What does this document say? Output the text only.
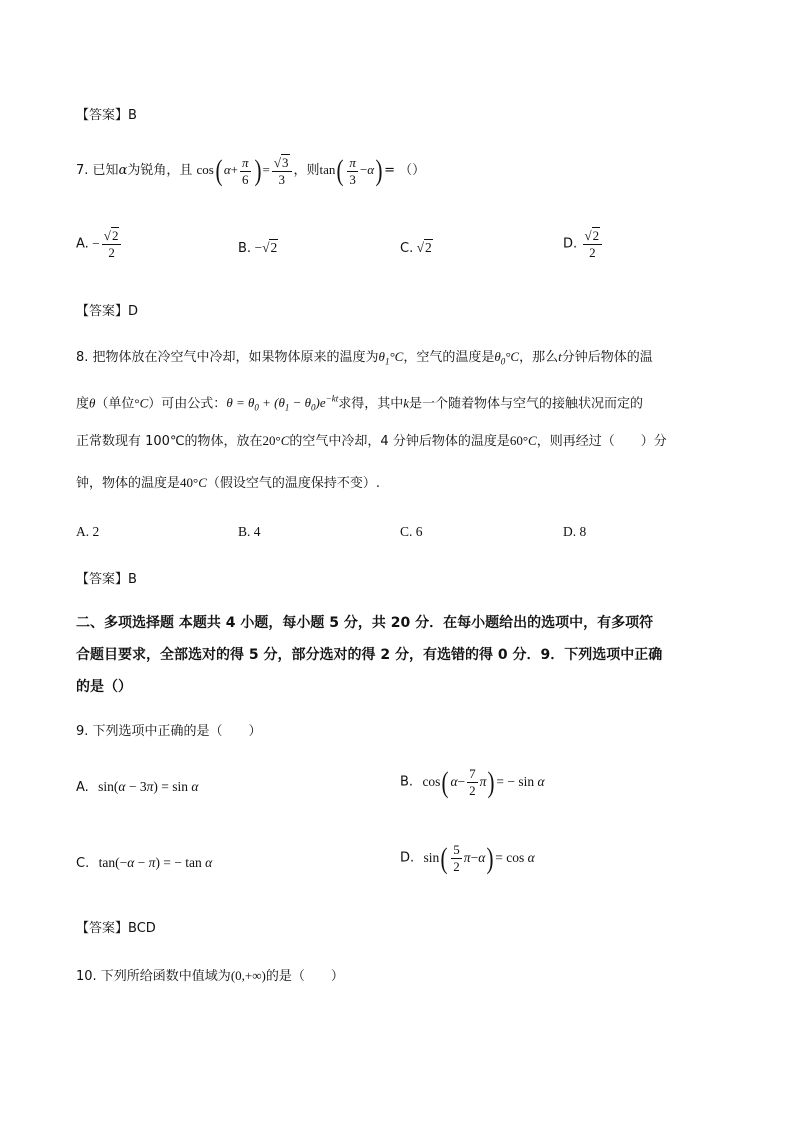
【答案】B
7. 已知α为锐角，且 cos( $\alpha+ \frac{\pi}{6}$ ) = $\frac{√3}{3}$ ，则$\tan( \frac{\pi}{3} -\alpha)$ = （）
A. − $\frac{√2}{2}$	B. −√2	C. √2	D. $\frac{√2}{2}$
【答案】D
8. 把物体放在冷空气中冷却，如果物体原来的温度为$\theta_1^\circ C$，空气的温度是$\theta_0^\circ C$，那么t分钟后物体的温
度θ（单位°C）可由公式：$\theta = \theta_0 + (\theta_1 - \theta_0)e^{-kt}$求得，其中k是一个随着物体与空气的接触状况而定的
正常数现有 100℃的物体，放在20°C的空气中冷却，4 分钟后物体的温度是60°C，则再经过（　　）分
钟，物体的温度是40°C（假设空气的温度保持不变）.
A. 2	B. 4	C. 6	D. 8
【答案】B
二、多项选择题 本题共 4 小题，每小题 5 分，共 20 分．在每小题给出的选项中，有多项符
合题目要求，全部选对的得 5 分，部分选对的得 2 分，有选错的得 0 分．9．下列选项中正确
的是（）
9. 下列选项中正确的是（　　）
A. sin(α − 3π) = sin α	B. cos( $\alpha- \frac{7}{2} \pi$) = − sin α
C. tan(−α − π) = − tan α	D. $\sin( \frac{5}{2} \pi-\alpha) = \cos \alpha$
【答案】BCD
10. 下列所给函数中值域为(0,+∞)的是（　　）
